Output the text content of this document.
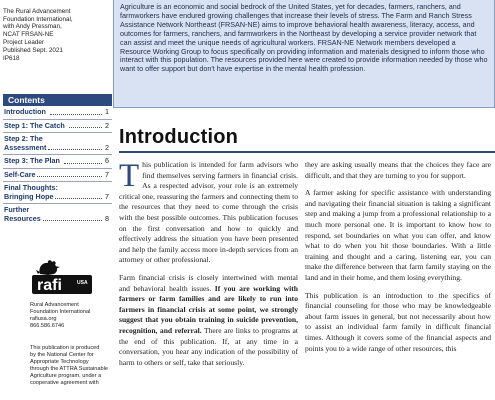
The Rural Advancement
Foundation International,
with Andy Pressman,
NCAT FRSAN-NE
Project Leader
Published Sept. 2021
IP618
Contents
Introduction	1
Step 1: The Catch	2
Step 2: The Assessment	2
Step 3: The Plan	6
Self-Care	7
Final Thoughts: Bringing Hope	7
Further Resources	8
rafi	USA
Rural Advancement
Foundation International
rafiusa.org
866.586.6746
This publication is produced
by the National Center for
Appropriate Technology
through the ATTRA Sustainable
Agriculture program, under a
cooperative agreement with
Agriculture is an economic and social bedrock of the United States, yet for decades, farmers, ranchers, and farmworkers have endured growing challenges that increase their levels of stress. The Farm and Ranch Stress Assistance Network Northeast (FRSAN-NE) aims to improve behavioral health awareness, literacy, access, and outcomes for farmers, ranchers, and farmworkers in the Northeast by developing a service provider network that can assist and meet the unique needs of agricultural workers. FRSAN-NE Network members developed a Resource Working Group to focus specifically on providing information and materials designed to inform those who interact with this population. The resources provided here were created to provide information needed by those who want to offer support but don't have expertise in the mental health profession.
Introduction

This publication is intended for farm advisors who find themselves serving farmers in financial crisis. As a respected advisor, your role is an extremely critical one, reassuring the farmers and connecting them to the resources that they need to come through the crisis with the best possible outcomes. This publication focuses on the first conversation and how to quickly and effectively address the situation you have been presented and help the family access more in-depth services from an attorney or other professional.

Farm financial crisis is closely intertwined with mental and behavioral health issues. If you are working with farmers or farm families and are likely to run into farmers in financial crisis at some point, we strongly suggest that you obtain training in suicide prevention, recognition, and referral. There are links to programs at the end of this publication. If, at any time in a conversation, you hear any indication of the possibility of harm to others or self, take that seriously.

they are asking usually means that the choices they face are difficult, and that they are turning to you for support.

A farmer asking for specific assistance with understanding and navigating their financial situation is taking a significant step and making a jump from a professional relationship to a much more personal one. It is important to know how to respond, set boundaries on what you can offer, and know what to do when you hit those boundaries. With a little training and thought and a caring, listening ear, you can make the difference between that farm family staying on the land and in their home, and them losing everything.

This publication is an introduction to the specifics of financial counseling for those who may be knowledgeable about farm issues in general, but not necessarily about how to assist an individual farm family in difficult financial times. Although it covers some of the financial aspects and points you to a wide range of other resources, this
